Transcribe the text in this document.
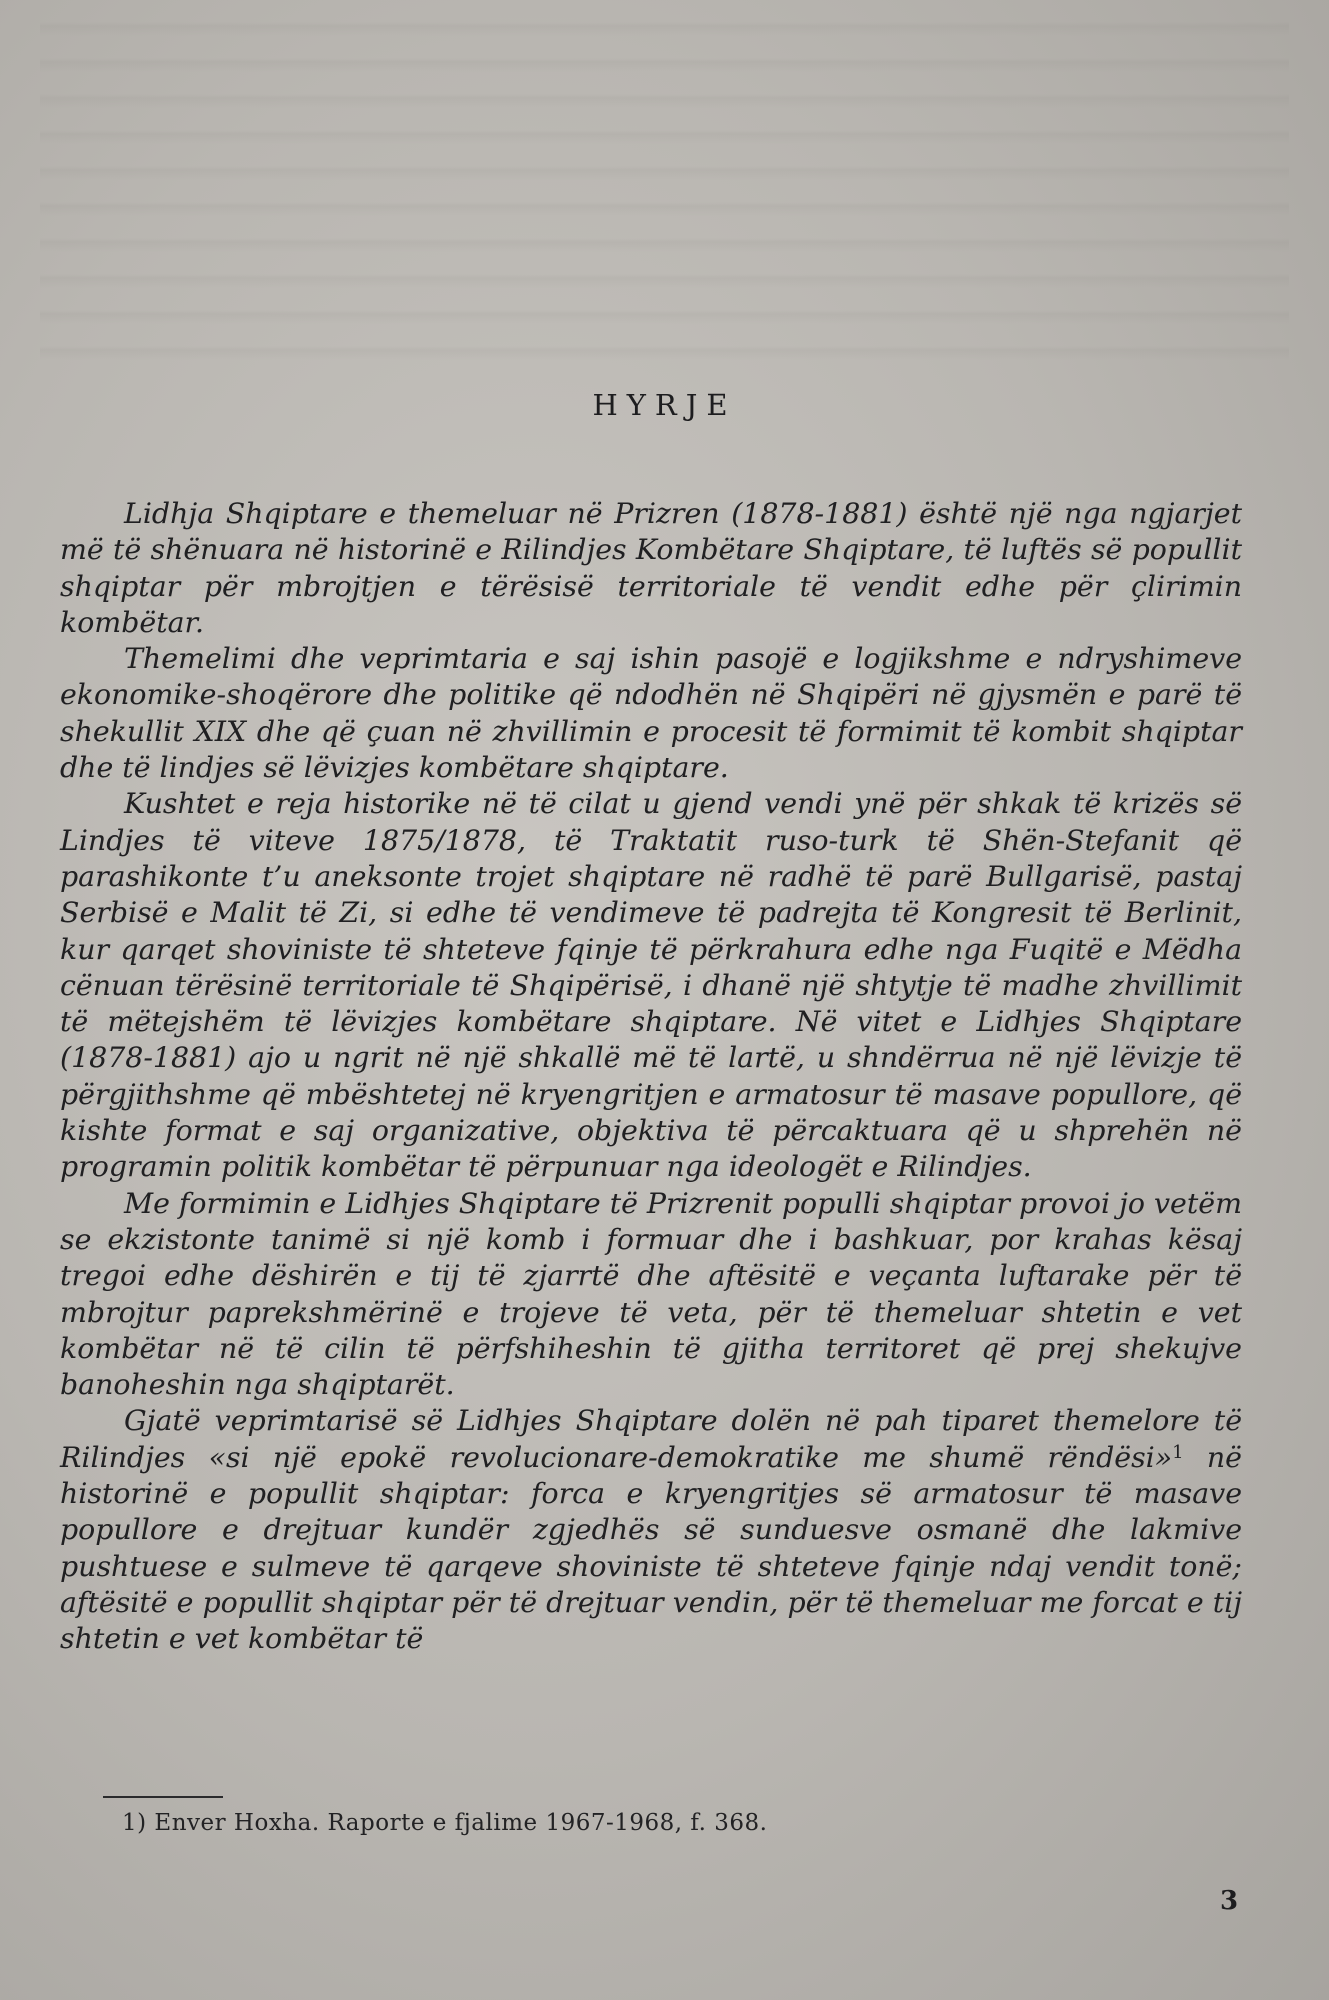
HYRJE

Lidhja Shqiptare e themeluar në Prizren (1878-1881) është një nga ngjarjet më të shënuara në historinë e Rilindjes Kombëtare Shqiptare, të luftës së popullit shqiptar për mbrojtjen e tërësisë territoriale të vendit edhe për çlirimin kombëtar.

Themelimi dhe veprimtaria e saj ishin pasojë e logjikshme e ndryshimeve ekonomike-shoqërore dhe politike që ndodhën në Shqipëri në gjysmën e parë të shekullit XIX dhe që çuan në zhvillimin e procesit të formimit të kombit shqiptar dhe të lindjes së lëvizjes kombëtare shqiptare.

Kushtet e reja historike në të cilat u gjend vendi ynë për shkak të krizës së Lindjes të viteve 1875/1878, të Traktatit ruso-turk të Shën-Stefanit që parashikonte t’u aneksonte trojet shqiptare në radhë të parë Bullgarisë, pastaj Serbisë e Malit të Zi, si edhe të vendimeve të padrejta të Kongresit të Berlinit, kur qarqet shoviniste të shteteve fqinje të përkrahura edhe nga Fuqitë e Mëdha cënuan tërësinë territoriale të Shqipërisë, i dhanë një shtytje të madhe zhvillimit të mëtejshëm të lëvizjes kombëtare shqiptare. Në vitet e Lidhjes Shqiptare (1878-1881) ajo u ngrit në një shkallë më të lartë, u shndërrua në një lëvizje të përgjithshme që mbështetej në kryengritjen e armatosur të masave popullore, që kishte format e saj organizative, objektiva të përcaktuara që u shprehën në programin politik kombëtar të përpunuar nga ideologët e Rilindjes.

Me formimin e Lidhjes Shqiptare të Prizrenit populli shqiptar provoi jo vetëm se ekzistonte tanimë si një komb i formuar dhe i bashkuar, por krahas kësaj tregoi edhe dëshirën e tij të zjarrtë dhe aftësitë e veçanta luftarake për të mbrojtur paprekshmërinë e trojeve të veta, për të themeluar shtetin e vet kombëtar në të cilin të përfshiheshin të gjitha territoret që prej shekujve banoheshin nga shqiptarët.

Gjatë veprimtarisë së Lidhjes Shqiptare dolën në pah tiparet themelore të Rilindjes «si një epokë revolucionare-demokratike me shumë rëndësi»$^1$ në historinë e popullit shqiptar: forca e kryengritjes së armatosur të masave popullore e drejtuar kundër zgjedhës së sunduesve osmanë dhe lakmive pushtuese e sulmeve të qarqeve shoviniste të shteteve fqinje ndaj vendit tonë; aftësitë e popullit shqiptar për të drejtuar vendin, për të themeluar me forcat e tij shtetin e vet kombëtar të

1) Enver Hoxha. Raporte e fjalime 1967-1968, f. 368.
3
